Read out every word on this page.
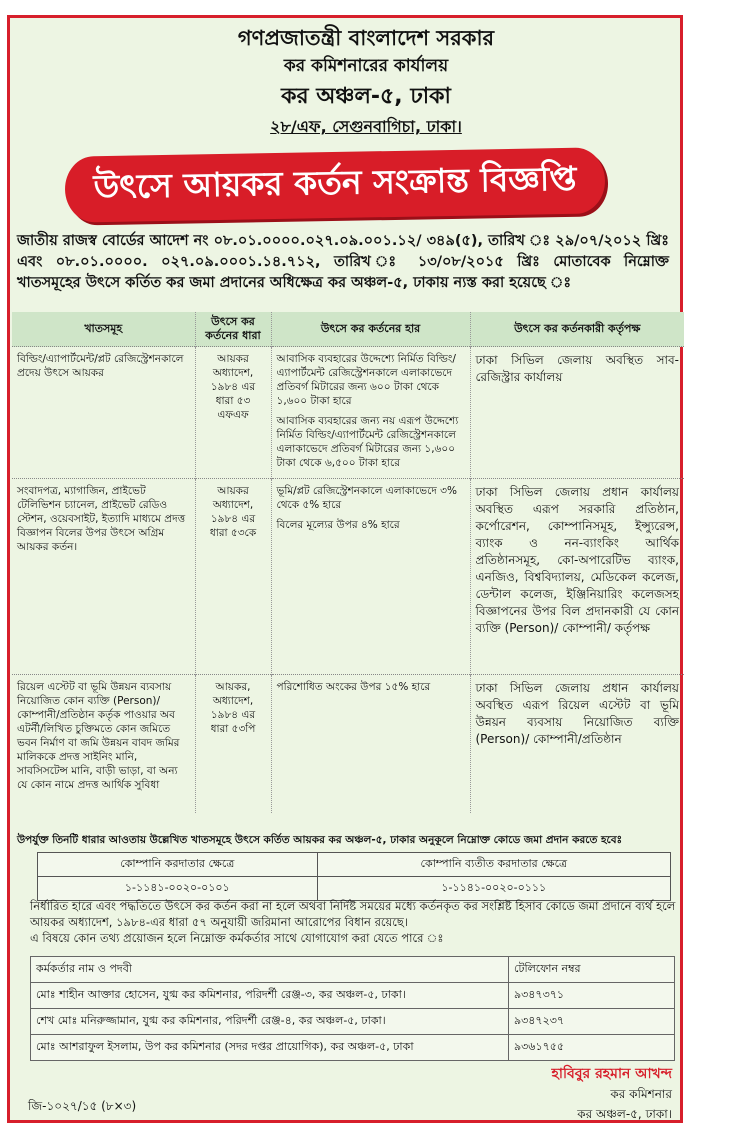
গণপ্রজাতন্ত্রী বাংলাদেশ সরকার
কর কমিশনারের কার্যালয়
কর অঞ্চল-৫, ঢাকা
২৮/এফ, সেগুনবাগিচা, ঢাকা।
উৎসে আয়কর কর্তন সংক্রান্ত বিজ্ঞপ্তি
জাতীয় রাজস্ব বোর্ডের আদেশ নং ০৮.০১.০০০০.০২৭.০৯.০০১.১২/ ৩৪৯(৫), তারিখ ঃ ২৯/০৭/২০১২ খ্রিঃ এবং ০৮.০১.০০০০. ০২৭.০৯.০০০১.১৪.৭১২, তারিখ ঃ ১৩/০৮/২০১৫ খ্রিঃ মোতাবেক নিম্নোক্ত খাতসমূহের উৎসে কর্তিত কর জমা প্রদানের অধিক্ষেত্র কর অঞ্চল-৫, ঢাকায় ন্যস্ত করা হয়েছে ঃ
খাতসমূহ	উৎসে কর কর্তনের ধারা	উৎসে কর কর্তনের হার	উৎসে কর কর্তনকারী কর্তৃপক্ষ
বিল্ডিং/এ্যাপার্টমেন্ট/প্লট রেজিস্ট্রেশনকালে প্রদেয় উৎসে আয়কর	আয়কর অধ্যাদেশ, ১৯৮৪ এর ধারা ৫৩ এফএফ	আবাসিক ব্যবহারের উদ্দেশ্যে নির্মিত বিল্ডিং/এ্যাপার্টমেন্ট রেজিস্ট্রেশনকালে এলাকাভেদে প্রতিবর্গ মিটারের জন্য ৬০০ টাকা থেকে ১,৬০০ টাকা হারে
আবাসিক ব্যবহারের জন্য নয় এরূপ উদ্দেশ্যে নির্মিত বিল্ডিং/এ্যাপার্টমেন্ট রেজিস্ট্রেশনকালে এলাকাভেদে প্রতিবর্গ মিটারের জন্য ১,৬০০ টাকা থেকে ৬,৫০০ টাকা হারে	ঢাকা সিভিল জেলায় অবস্থিত সাব-রেজিস্ট্রার কার্যালয়
সংবাদপত্র, ম্যাগাজিন, প্রাইভেট টেলিভিশন চ্যানেল, প্রাইভেট রেডিও স্টেশন, ওয়েবসাইট, ইত্যাদি মাধ্যমে প্রদত্ত বিজ্ঞাপন বিলের উপর উৎসে অগ্রিম আয়কর কর্তন।	আয়কর অধ্যাদেশ, ১৯৮৪ এর ধারা ৫৩কে	ভূমি/প্লট রেজিস্ট্রেশনকালে এলাকাভেদে ৩% থেকে ৫% হারে
বিলের মূল্যের উপর ৪% হারে	ঢাকা সিভিল জেলায় প্রধান কার্যালয় অবস্থিত এরূপ সরকারি প্রতিষ্ঠান, কর্পোরেশন, কোম্পানিসমূহ, ইন্স্যুরেন্স, ব্যাংক ও নন-ব্যাংকিং আর্থিক প্রতিষ্ঠানসমূহ, কো-অপারেটিভ ব্যাংক, এনজিও, বিশ্ববিদ্যালয়, মেডিকেল কলেজ, ডেন্টাল কলেজ, ইঞ্জিনিয়ারিং কলেজসহ বিজ্ঞাপনের উপর বিল প্রদানকারী যে কোন ব্যক্তি (Person)/ কোম্পানী/ কর্তৃপক্ষ
রিয়েল এস্টেট বা ভূমি উন্নয়ন ব্যবসায় নিয়োজিত কোন ব্যক্তি (Person)/ কোম্পানী/প্রতিষ্ঠান কর্তৃক পাওয়ার অব এটর্নী/লিখিত চুক্তিমতে কোন জমিতে ভবন নির্মাণ বা জমি উন্নয়ন বাবদ জমির মালিককে প্রদত্ত সাইনিং মানি, সাবসিসটেন্স মানি, বাড়ী ভাড়া, বা অন্য যে কোন নামে প্রদত্ত আর্থিক সুবিধা	আয়কর, অধ্যাদেশ, ১৯৮৪ এর ধারা ৫৩পি	পরিশোধিত অংকের উপর ১৫% হারে	ঢাকা সিভিল জেলায় প্রধান কার্যালয় অবস্থিত এরূপ রিয়েল এস্টেট বা ভূমি উন্নয়ন ব্যবসায় নিয়োজিত ব্যক্তি (Person)/ কোম্পানী/প্রতিষ্ঠান
উপর্যুক্ত তিনটি ধারার আওতায় উল্লেখিত খাতসমূহে উৎসে কর্তিত আয়কর কর অঞ্চল-৫, ঢাকার অনুকূলে নিম্নোক্ত কোডে জমা প্রদান করতে হবেঃ
কোম্পানি করদাতার ক্ষেত্রে	কোম্পানি ব্যতীত করদাতার ক্ষেত্রে
১-১১৪১-০০২০-০১০১	১-১১৪১-০০২০-০১১১
নির্ধারিত হারে এবং পদ্ধতিতে উৎসে কর কর্তন করা না হলে অথবা নির্দিষ্ট সময়ের মধ্যে কর্তনকৃত কর সংশ্লিষ্ট হিসাব কোডে জমা প্রদানে ব্যর্থ হলে আয়কর অধ্যাদেশ, ১৯৮৪-এর ধারা ৫৭ অনুযায়ী জরিমানা আরোপের বিধান রয়েছে।
এ বিষয়ে কোন তথ্য প্রয়োজন হলে নিম্নোক্ত কর্মকর্তার সাথে যোগাযোগ করা যেতে পারে ঃ
কর্মকর্তার নাম ও পদবী	টেলিফোন নম্বর
মোঃ শাহীন আক্তার হোসেন, যুগ্ম কর কমিশনার, পরিদর্শী রেঞ্জ-৩, কর অঞ্চল-৫, ঢাকা।	৯৩৪৭৩৭১
শেখ মোঃ মনিরুজ্জামান, যুগ্ম কর কমিশনার, পরিদর্শী রেঞ্জ-৪, কর অঞ্চল-৫, ঢাকা।	৯৩৪৭২৩৭
মোঃ আশরাফুল ইসলাম, উপ কর কমিশনার (সদর দপ্তর প্রায়োগিক), কর অঞ্চল-৫, ঢাকা	৯৩৬১৭৫৫
হাবিবুর রহমান আখন্দ
কর কমিশনার
কর অঞ্চল-৫, ঢাকা।
জি-১০২৭/১৫ (৮×৩)
